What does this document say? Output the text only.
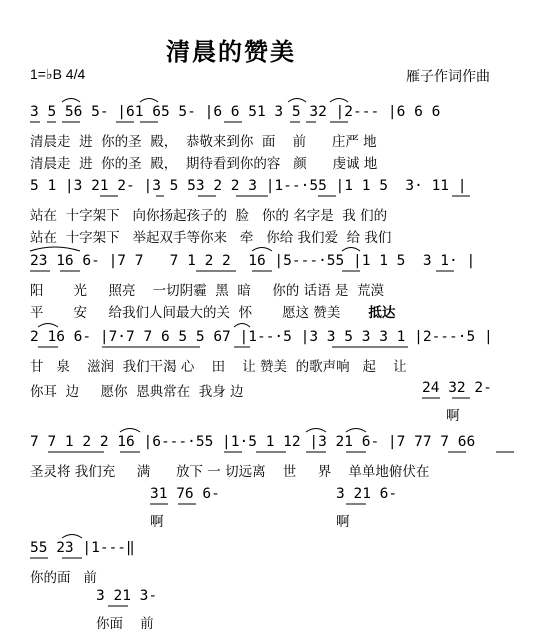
清晨的赞美
1=♭B 4/4	雁子作词作曲
3 5 56 5- |61 65 5- |6 6 51 3 5 32 |2--- |6 6 6
清晨走  进  你的圣  殿，  恭敬来到你  面    前      庄严 地
清晨走  进  你的圣  殿，  期待看到你的容   颜      虔诚 地
5 1 |3 21 2- |3 5 53 2 2 3 |1--·55 |1 1 5  3· 11 |
站在  十字架下   向你扬起孩子的  脸   你的 名字是  我 们的
站在  十字架下   举起双手等你来   牵   你给 我们爱  给 我们
23 16 6- |7 7   7 1 2 2  16 |5---·55 |1 1 5  3 1· |
阳       光     照亮    一切阴霾  黑  暗     你的 话语 是  荒漠
平       安     给我们人间最大的关  怀       愿这 赞美 抵达
2 16 6- |7·7 7 6 5 5 67 |1--·5 |3 3 5 3 3 1 |2---·5 |
甘   泉    滋润  我们干渴 心    田    让 赞美  的歌声响   起    让
你耳  边     愿你  恩典常在  我身 边	24 32 2-
啊
7 7 1 2 2 16 |6---·55 |1·5 1 12 |3 21 6- |7 77 7 66
圣灵将 我们充     满      放下 一 切远离    世     界    单单地俯伏在
31 76 6-
啊
3 21 6-
啊
55 23 |1---‖
你的面   前
3 21 3-
你面    前
